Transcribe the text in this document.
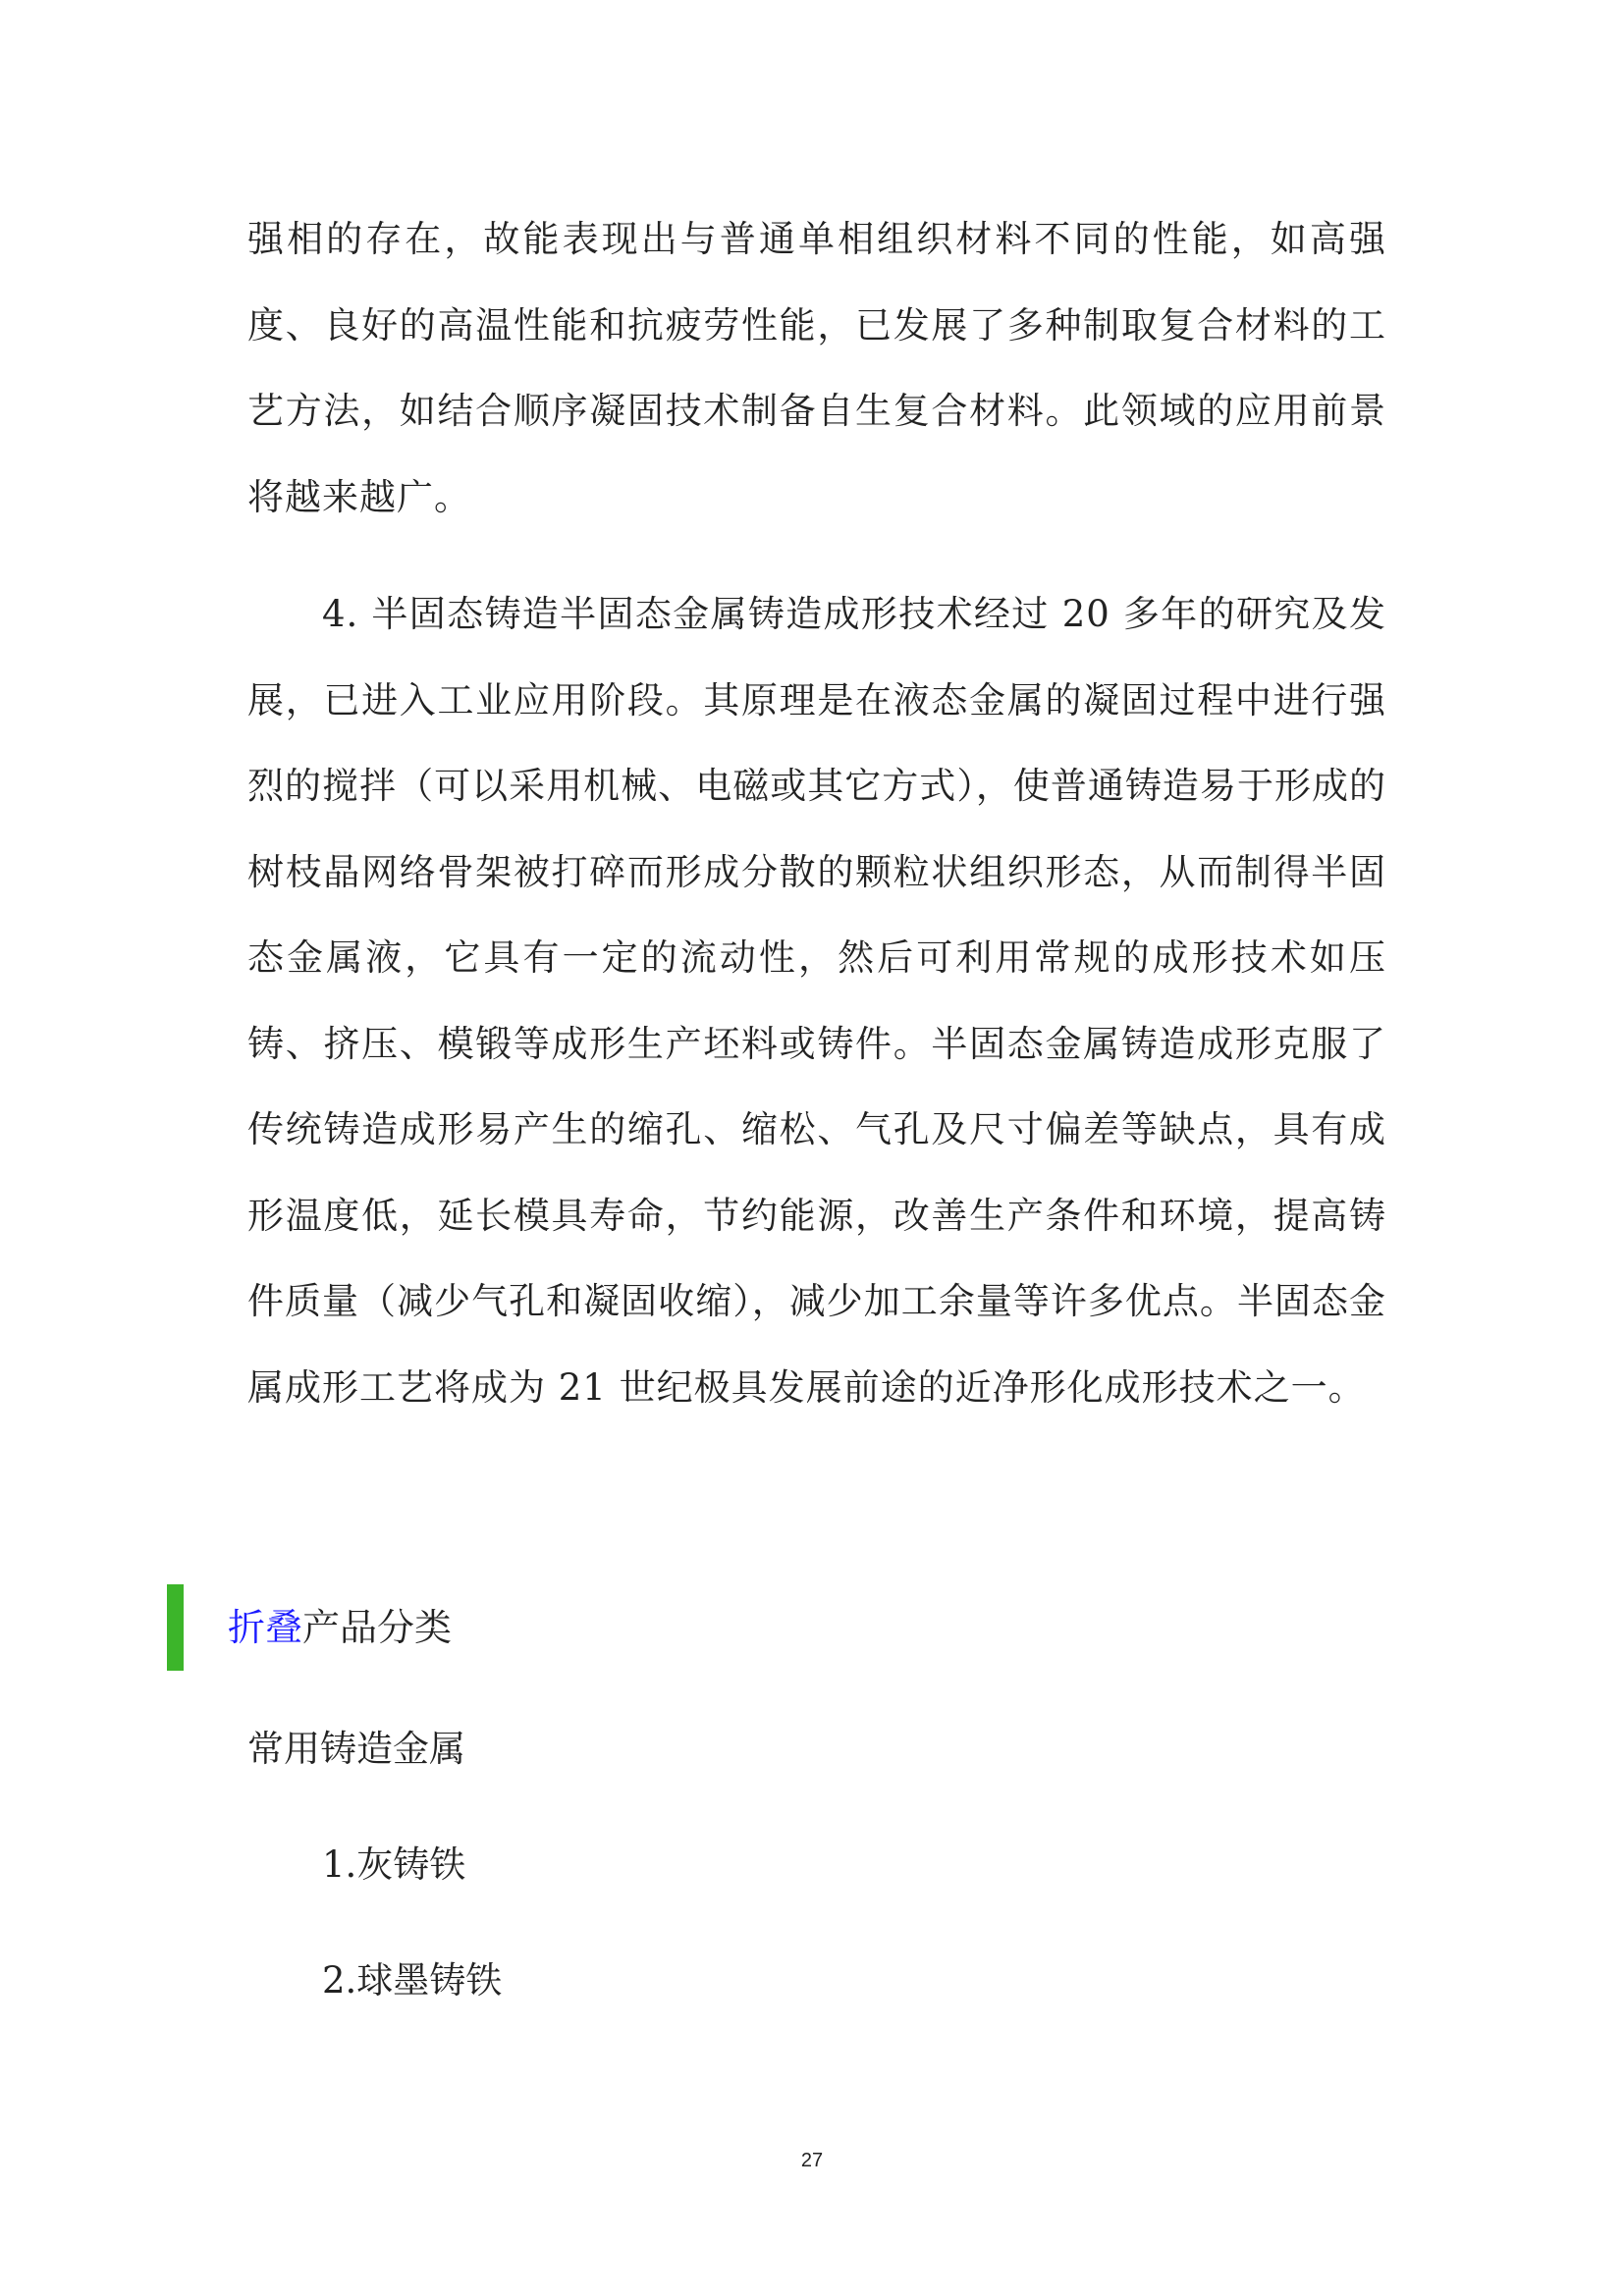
强相的存在，故能表现出与普通单相组织材料不同的性能，如高强度、良好的高温性能和抗疲劳性能，已发展了多种制取复合材料的工艺方法，如结合顺序凝固技术制备自生复合材料。此领域的应用前景将越来越广。

4. 半固态铸造半固态金属铸造成形技术经过 20 多年的研究及发展，已进入工业应用阶段。其原理是在液态金属的凝固过程中进行强烈的搅拌（可以采用机械、电磁或其它方式），使普通铸造易于形成的树枝晶网络骨架被打碎而形成分散的颗粒状组织形态，从而制得半固态金属液，它具有一定的流动性，然后可利用常规的成形技术如压铸、挤压、模锻等成形生产坯料或铸件。半固态金属铸造成形克服了传统铸造成形易产生的缩孔、缩松、气孔及尺寸偏差等缺点，具有成形温度低，延长模具寿命，节约能源，改善生产条件和环境，提高铸件质量（减少气孔和凝固收缩），减少加工余量等许多优点。半固态金属成形工艺将成为 21 世纪极具发展前途的近净形化成形技术之一。

折叠产品分类

常用铸造金属

1.灰铸铁

2.球墨铸铁

27
